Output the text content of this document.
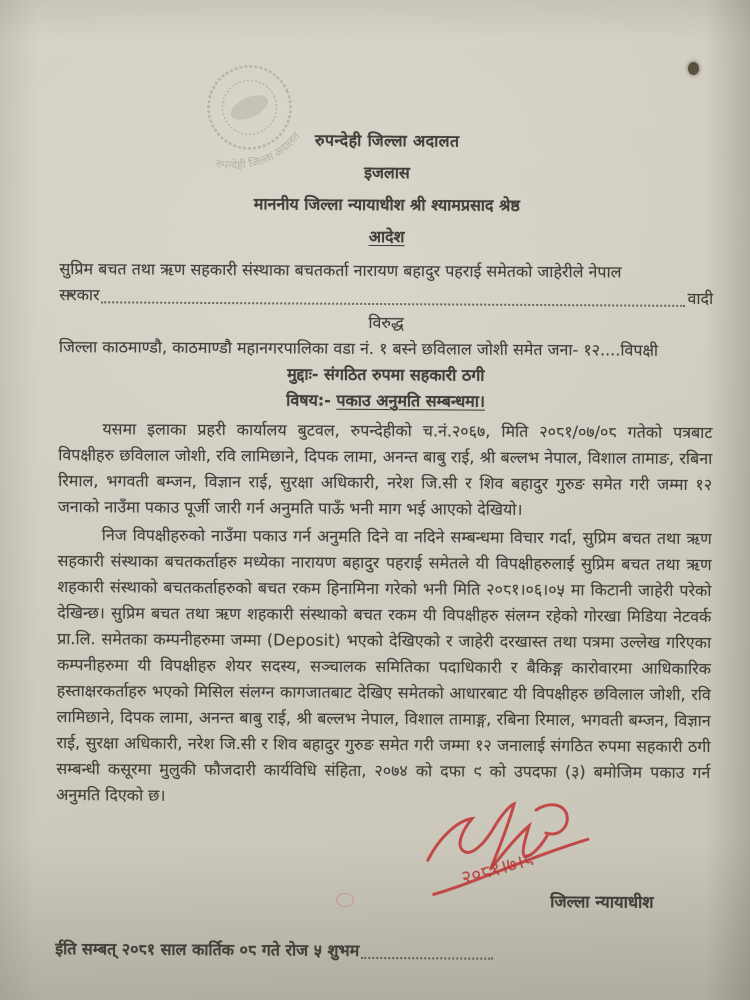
रुपन्देही जिल्ला अदालत रुपन्देही जिल्ला अदालत
इजलास
माननीय जिल्ला न्यायाधीश श्री श्यामप्रसाद श्रेष्ठ
आदेश
सुप्रिम बचत तथा ऋण सहकारी संस्थाका बचतकर्ता नारायण बहादुर पहराई समेतको जाहेरीले नेपाल
सरकार	वादी
विरुद्ध
जिल्ला काठमाण्डौ, काठमाण्डौ महानगरपालिका वडा नं. १ बस्ने छविलाल जोशी समेत जना- १२....विपक्षी
मुद्दाः- संगठित रुपमा सहकारी ठगी
विषय:- पकाउ अनुमति सम्बन्धमा।

यसमा इलाका प्रहरी कार्यालय बुटवल, रुपन्देहीको च.नं.२०६७, मिति २०८१/०७/०८ गतेको पत्रबाट विपक्षीहरु छविलाल जोशी, रवि लामिछाने, दिपक लामा, अनन्त बाबु राई, श्री बल्लभ नेपाल, विशाल तामाङ, रबिना रिमाल, भगवती बम्जन, विज्ञान राई, सुरक्षा अधिकारी, नरेश जि.सी र शिव बहादुर गुरुङ समेत गरी जम्मा १२ जनाको नाउँमा पकाउ पूर्जी जारी गर्न अनुमति पाऊँ भनी माग भई आएको देखियो।

निज विपक्षीहरुको नाउँमा पकाउ गर्न अनुमति दिने वा नदिने सम्बन्धमा विचार गर्दा, सुप्रिम बचत तथा ऋण सहकारी संस्थाका बचतकर्ताहरु मध्येका नारायण बहादुर पहराई समेतले यी विपक्षीहरुलाई सुप्रिम बचत तथा ऋण शहकारी संस्थाको बचतकर्ताहरुको बचत रकम हिनामिना गरेको भनी मिति २०८१।०६।०५ मा किटानी जाहेरी परेको देखिन्छ। सुप्रिम बचत तथा ऋण शहकारी संस्थाको बचत रकम यी विपक्षीहरु संलग्न रहेको गोरखा मिडिया नेटवर्क प्रा.लि. समेतका कम्पनीहरुमा जम्मा (Deposit) भएको देखिएको र जाहेरी दरखास्त तथा पत्रमा उल्लेख गरिएका कम्पनीहरुमा यी विपक्षीहरु शेयर सदस्य, सञ्चालक समितिका पदाधिकारी र बैकिङ्ग कारोवारमा आधिकारिक हस्ताक्षरकर्ताहरु भएको मिसिल संलग्न कागजातबाट देखिए समेतको आधारबाट यी विपक्षीहरु छविलाल जोशी, रवि लामिछाने, दिपक लामा, अनन्त बाबु राई, श्री बल्लभ नेपाल, विशाल तामाङ्ग, रबिना रिमाल, भगवती बम्जन, विज्ञान राई, सुरक्षा अधिकारी, नरेश जि.सी र शिव बहादुर गुरुङ समेत गरी जम्मा १२ जनालाई संगठित रुपमा सहकारी ठगी सम्बन्धी कसूरमा मुलुकी फौजदारी कार्यविधि संहिता, २०७४ को दफा ९ को उपदफा (३) बमोजिम पकाउ गर्न अनुमति दिएको छ।

२०८१।७।८
जिल्ला न्यायाधीश
ईति सम्बत् २०८१ साल कार्तिक ०८ गते रोज ५ शुभम
